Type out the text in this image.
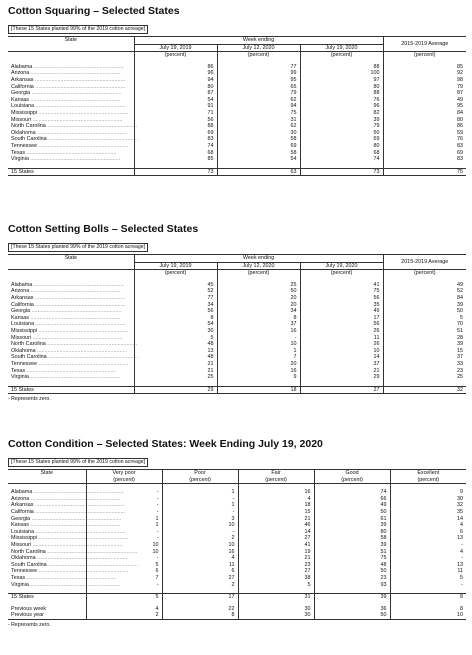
Cotton Squaring – Selected States

[These 15 States planted 99% of the 2019 cotton acreage]
State	Week ending			2015-2019 Average
	July 19, 2019	July 12, 2020	July 19, 2020	

	(percent)	(percent)	(percent)	(percent)

Alabama ............................................................	86	77	88	85
Arizona ............................................................	96	99	100	92
Arkansas ............................................................	94	95	97	98
California ............................................................	80	65	80	79
Georgia ............................................................	87	79	88	87
Kansas ............................................................	54	62	76	49
Louisiana ............................................................	91	94	96	95
Mississippi ............................................................	71	75	82	84
Missouri ............................................................	56	31	39	80
North Carolina ............................................................	88	62	79	86
Oklahoma ............................................................	69	30	50	59
South Carolina ............................................................	83	58	69	76
Tennessee ............................................................	74	69	80	83
Texas ............................................................	68	58	68	69
Virginia ............................................................	85	54	74	83

15 States	73	63	73	75

Cotton Setting Bolls – Selected States

[These 15 States planted 99% of the 2019 cotton acreage]
State	Week ending			2015-2019 Average
	July 19, 2019	July 12, 2020	July 19, 2020	

	(percent)	(percent)	(percent)	(percent)

Alabama ............................................................	45	25	41	49
Arizona ............................................................	52	50	75	52
Arkansas ............................................................	77	20	56	84
California ............................................................	34	20	35	39
Georgia ............................................................	56	34	49	50
Kansas ............................................................	8	8	17	5
Louisiana ............................................................	54	37	56	70
Mississippi ............................................................	30	16	26	51
Missouri ............................................................	5	-	11	28
North Carolina ............................................................	48	10	26	39
Oklahoma ............................................................	13	1	10	15
South Carolina ............................................................	48	7	14	37
Tennessee ............................................................	21	20	37	33
Texas ............................................................	21	16	21	23
Virginia ............................................................	25	9	29	25

15 States	29	18	27	32
- Represents zero.

Cotton Condition – Selected States: Week Ending July 19, 2020

[These 15 States planted 99% of the 2019 cotton acreage]
State	Very poor	Poor	Fair	Good	Excellent
	(percent)	(percent)	(percent)	(percent)	(percent)

Alabama ............................................................	-	1	16	74	9
Arizona ............................................................	-	-	4	66	30
Arkansas ............................................................	-	1	18	49	32
California ............................................................	-	-	15	50	35
Georgia ............................................................	1	3	21	61	14
Kansas ............................................................	1	10	46	39	4
Louisiana ............................................................	-	-	14	80	6
Mississippi ............................................................	-	2	27	58	13
Missouri ............................................................	10	10	41	39	-
North Carolina ............................................................	10	16	19	51	4
Oklahoma ............................................................	-	4	21	75	-
South Carolina ............................................................	5	11	23	48	13
Tennessee ............................................................	6	6	27	50	11
Texas ............................................................	7	27	38	23	5
Virginia ............................................................	-	2	5	93	-

15 States	5	17	31	39	8

Previous week	4	22	30	36	8
Previous year	2	8	30	50	10
- Represents zero.
